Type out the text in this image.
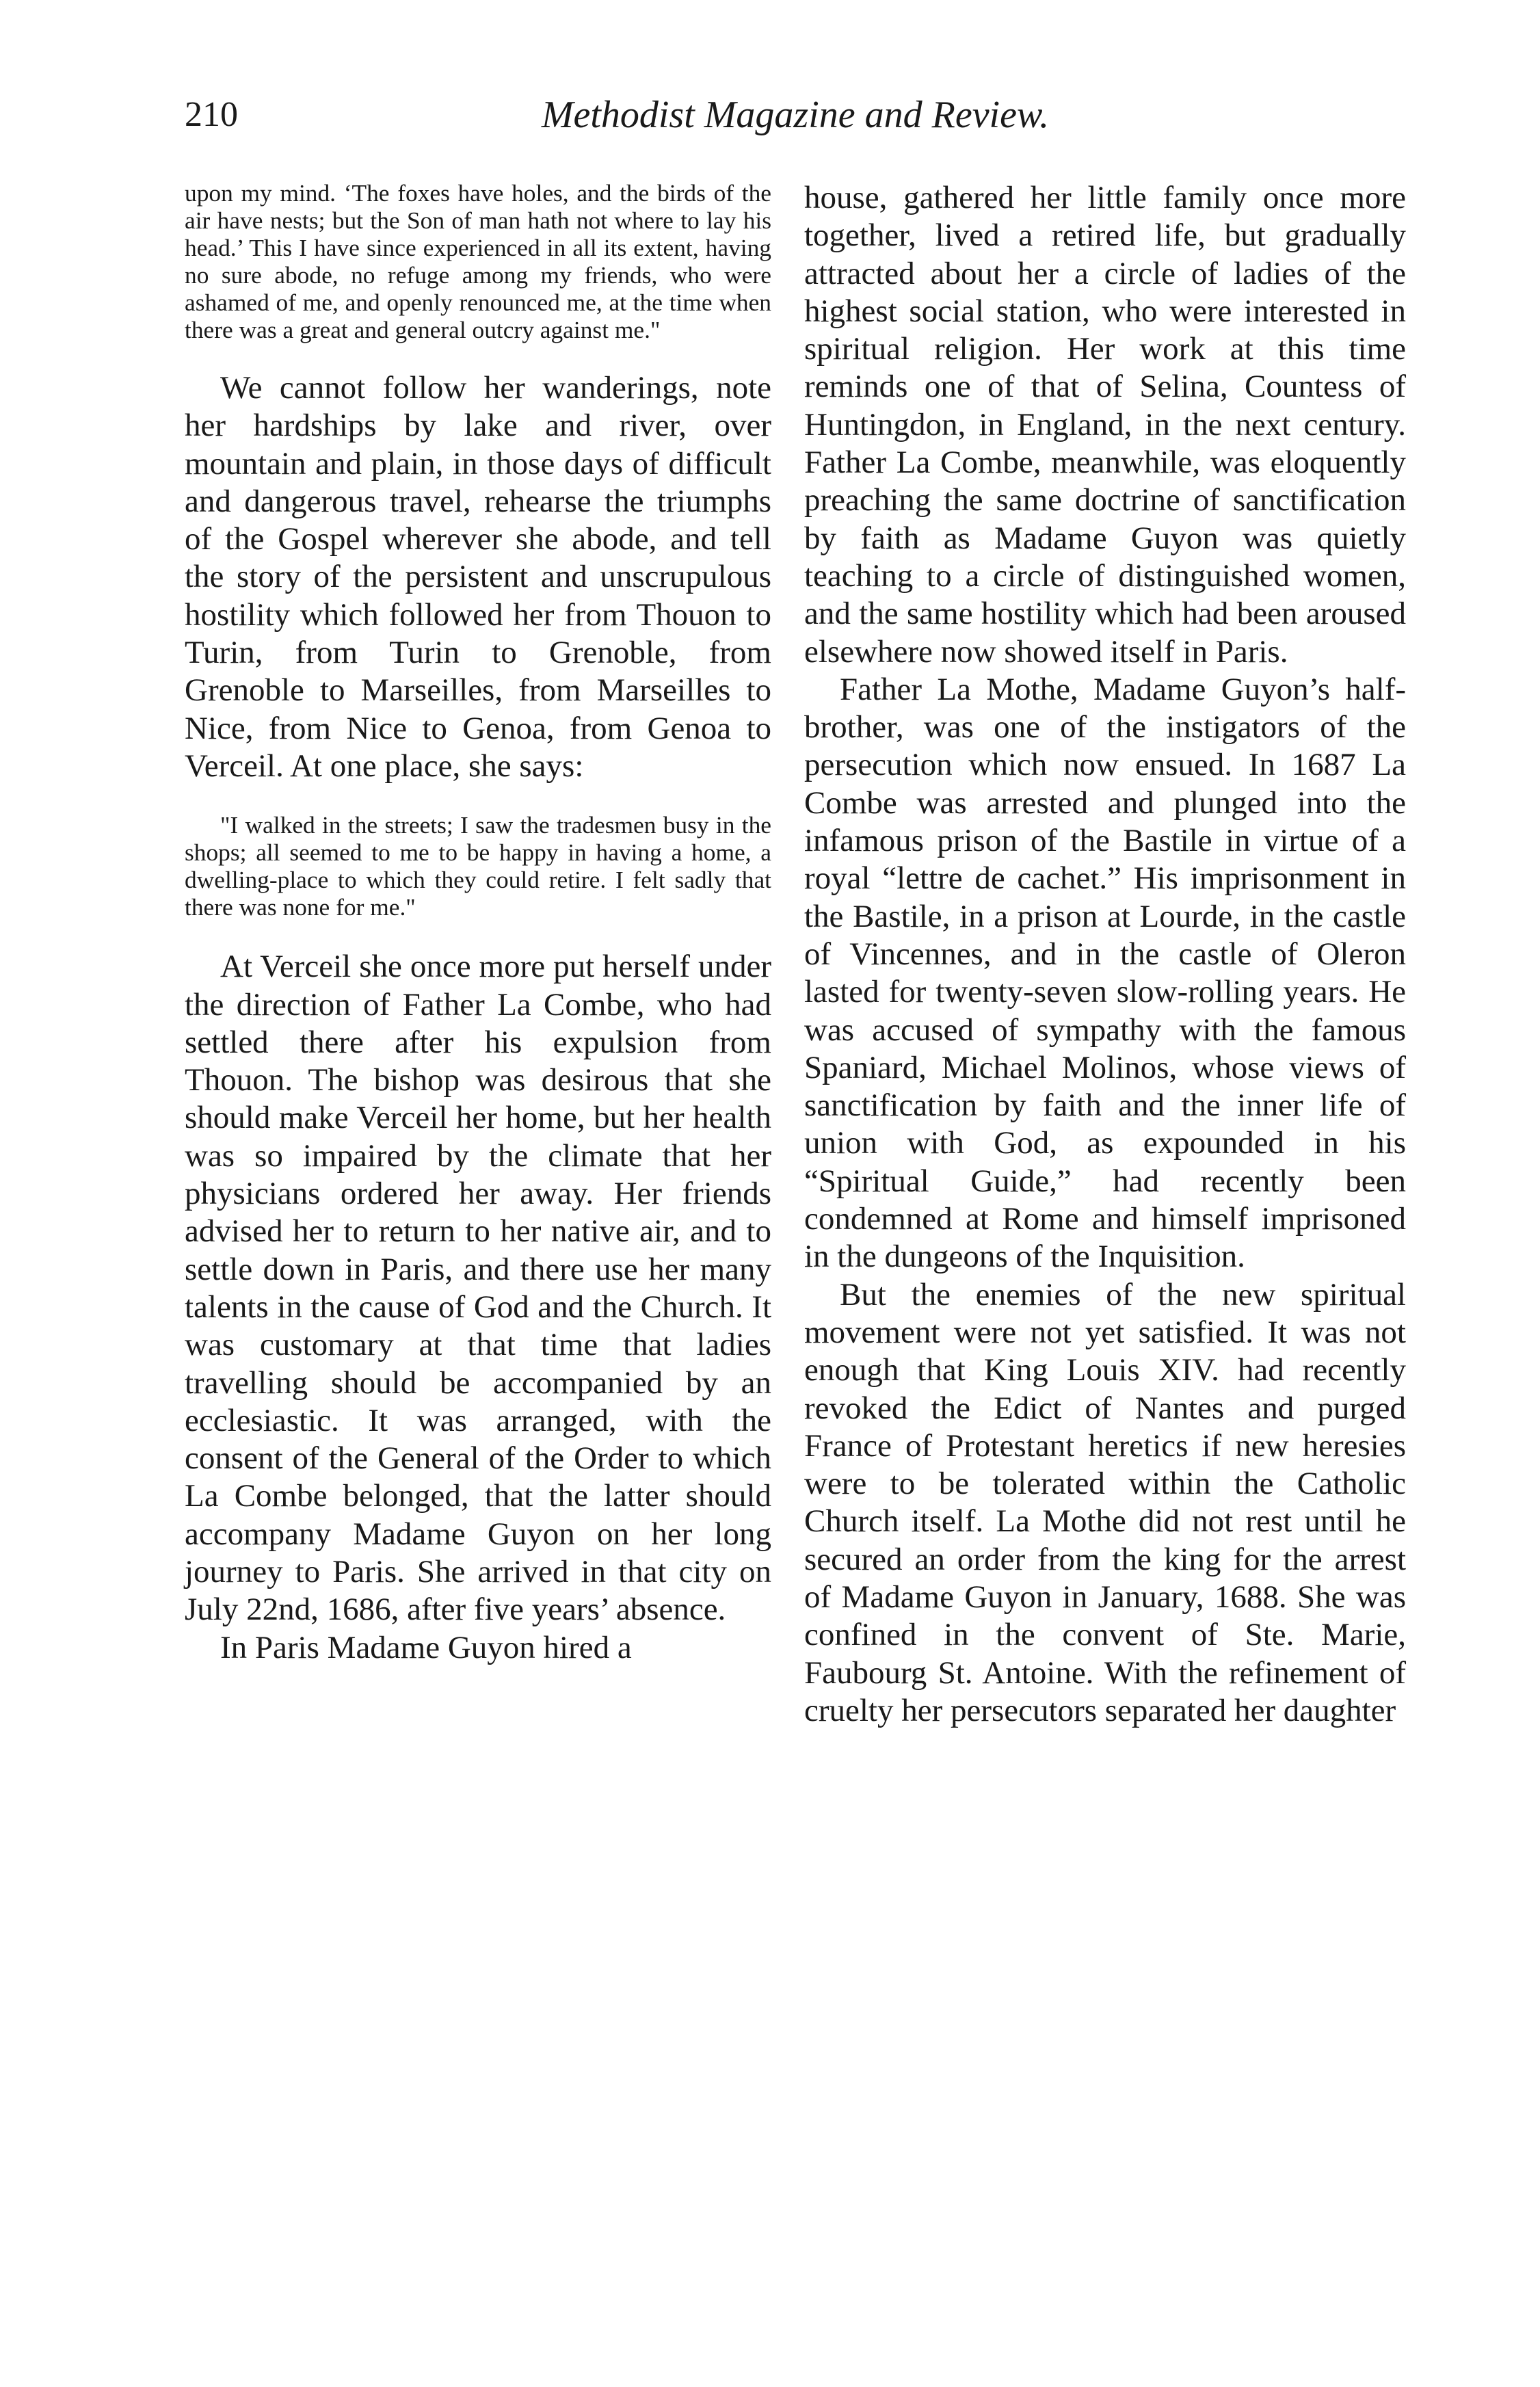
210	Methodist Magazine and Review.

upon my mind. ‘The foxes have holes, and the birds of the air have nests; but the Son of man hath not where to lay his head.’ This I have since experienced in all its extent, having no sure abode, no refuge among my friends, who were ashamed of me, and openly renounced me, at the time when there was a great and general outcry against me."

We cannot follow her wanderings, note her hardships by lake and river, over mountain and plain, in those days of difficult and dangerous travel, rehearse the triumphs of the Gospel wherever she abode, and tell the story of the persistent and unscrupulous hostility which followed her from Thouon to Turin, from Turin to Grenoble, from Grenoble to Marseilles, from Marseilles to Nice, from Nice to Genoa, from Genoa to Verceil. At one place, she says:

"I walked in the streets; I saw the tradesmen busy in the shops; all seemed to me to be happy in having a home, a dwelling-place to which they could retire. I felt sadly that there was none for me."

At Verceil she once more put herself under the direction of Father La Combe, who had settled there after his expulsion from Thouon. The bishop was desirous that she should make Verceil her home, but her health was so impaired by the climate that her physicians ordered her away. Her friends advised her to return to her native air, and to settle down in Paris, and there use her many talents in the cause of God and the Church. It was customary at that time that ladies travelling should be accompanied by an ecclesiastic. It was arranged, with the consent of the General of the Order to which La Combe belonged, that the latter should accompany Madame Guyon on her long journey to Paris. She arrived in that city on July 22nd, 1686, after five years’ absence.

In Paris Madame Guyon hired a

house, gathered her little family once more together, lived a retired life, but gradually attracted about her a circle of ladies of the highest social station, who were interested in spiritual religion. Her work at this time reminds one of that of Selina, Countess of Huntingdon, in England, in the next century. Father La Combe, meanwhile, was eloquently preaching the same doctrine of sanctification by faith as Madame Guyon was quietly teaching to a circle of distinguished women, and the same hostility which had been aroused elsewhere now showed itself in Paris.

Father La Mothe, Madame Guyon’s half-brother, was one of the instigators of the persecution which now ensued. In 1687 La Combe was arrested and plunged into the infamous prison of the Bastile in virtue of a royal “lettre de cachet.” His imprisonment in the Bastile, in a prison at Lourde, in the castle of Vincennes, and in the castle of Oleron lasted for twenty-seven slow-rolling years. He was accused of sympathy with the famous Spaniard, Michael Molinos, whose views of sanctification by faith and the inner life of union with God, as expounded in his “Spiritual Guide,” had recently been condemned at Rome and himself imprisoned in the dungeons of the Inquisition.

But the enemies of the new spiritual movement were not yet satisfied. It was not enough that King Louis XIV. had recently revoked the Edict of Nantes and purged France of Protestant heretics if new heresies were to be tolerated within the Catholic Church itself. La Mothe did not rest until he secured an order from the king for the arrest of Madame Guyon in January, 1688. She was confined in the convent of Ste. Marie, Faubourg St. Antoine. With the refinement of cruelty her persecutors separated her daughter
